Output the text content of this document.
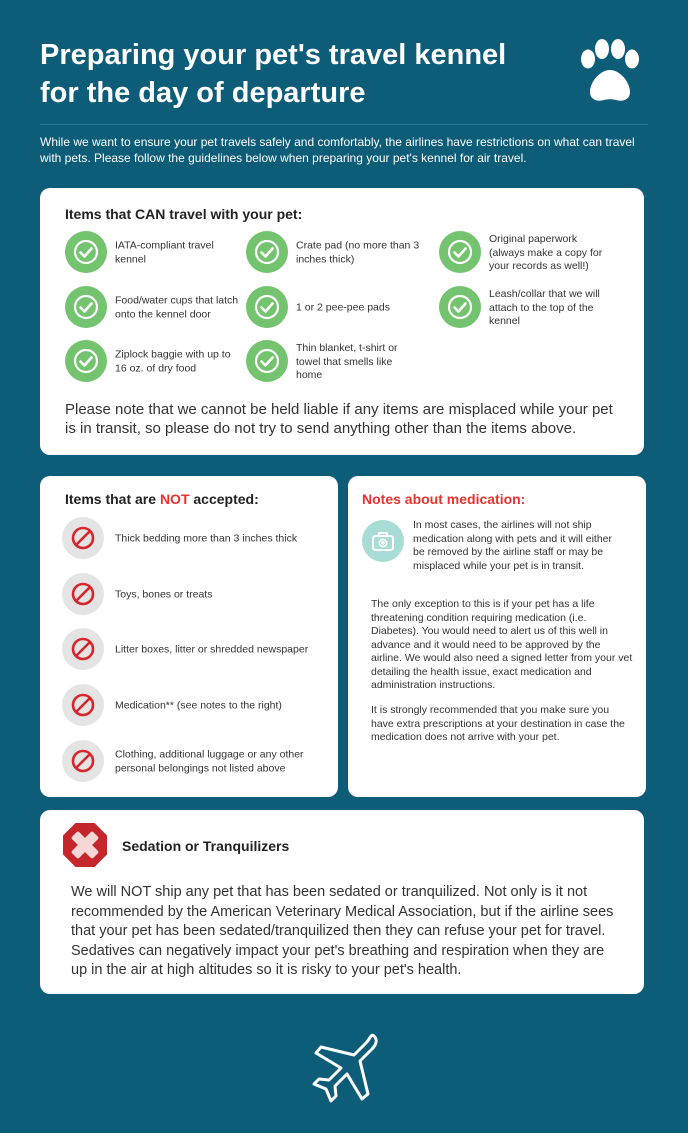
Preparing your pet's travel kennel for the day of departure

While we want to ensure your pet travels safely and comfortably, the airlines have restrictions on what can travel with pets. Please follow the guidelines below when preparing your pet's kennel for air travel.

Items that CAN travel with your pet:
IATA-compliant travel kennel
Crate pad (no more than 3 inches thick)
Original paperwork (always make a copy for your records as well!)
Food/water cups that latch onto the kennel door
1 or 2 pee-pee pads
Leash/collar that we will attach to the top of the kennel
Ziplock baggie with up to 16 oz. of dry food
Thin blanket, t-shirt or towel that smells like home

Please note that we cannot be held liable if any items are misplaced while your pet is in transit, so please do not try to send anything other than the items above.

Items that are NOT accepted:
Thick bedding more than 3 inches thick
Toys, bones or treats
Litter boxes, litter or shredded newspaper
Medication** (see notes to the right)
Clothing, additional luggage or any other personal belongings not listed above
Notes about medication:

In most cases, the airlines will not ship medication along with pets and it will either be removed by the airline staff or may be misplaced while your pet is in transit.

The only exception to this is if your pet has a life threatening condition requiring medication (i.e. Diabetes). You would need to alert us of this well in advance and it would need to be approved by the airline. We would also need a signed letter from your vet detailing the health issue, exact medication and administration instructions.

It is strongly recommended that you make sure you have extra prescriptions at your destination in case the medication does not arrive with your pet.

Sedation or Tranquilizers

We will NOT ship any pet that has been sedated or tranquilized. Not only is it not recommended by the American Veterinary Medical Association, but if the airline sees that your pet has been sedated/tranquilized then they can refuse your pet for travel. Sedatives can negatively impact your pet's breathing and respiration when they are up in the air at high altitudes so it is risky to your pet's health.
